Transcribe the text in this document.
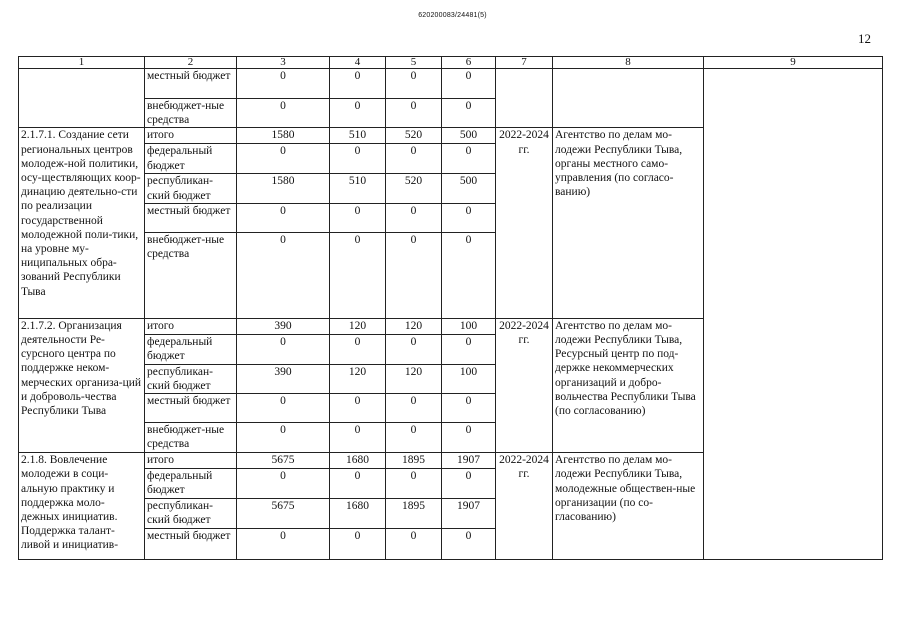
620200083/24481(5)
12
1	2	3	4	5	6	7	8	9
	местный бюджет	0	0	0	0			
	внебюджет-ные средства	0	0	0	0			
2.1.7.1. Создание сети региональных центров молодеж-ной политики, осу-ществляющих коор-динацию деятельно-сти по реализации государственной молодежной поли-тики, на уровне му-ниципальных обра-зований Республики Тыва	итого	1580	510	520	500	2022-2024 гг.	Агентство по делам мо-лодежи Республики Тыва, органы местного само-управления (по согласо-ванию)	
	федеральный бюджет	0	0	0	0			
	республикан-ский бюджет	1580	510	520	500			
	местный бюджет	0	0	0	0			
	внебюджет-ные средства	0	0	0	0			
2.1.7.2. Организация деятельности Ре-сурсного центра по поддержке неком-мерческих организа-ций и доброволь-чества Республики Тыва	итого	390	120	120	100	2022-2024 гг.	Агентство по делам мо-лодежи Республики Тыва, Ресурсный центр по под-держке некоммерческих организаций и добро-вольчества Республики Тыва (по согласованию)	
	федеральный бюджет	0	0	0	0			
	республикан-ский бюджет	390	120	120	100			
	местный бюджет	0	0	0	0			
	внебюджет-ные средства	0	0	0	0			
2.1.8. Вовлечение молодежи в соци-альную практику и поддержка моло-дежных инициатив. Поддержка талант-ливой и инициатив-	итого	5675	1680	1895	1907	2022-2024 гг.	Агентство по делам мо-лодежи Республики Тыва, молодежные обществен-ные организации (по со-гласованию)	
	федеральный бюджет	0	0	0	0			
	республикан-ский бюджет	5675	1680	1895	1907			
	местный бюджет	0	0	0	0			
